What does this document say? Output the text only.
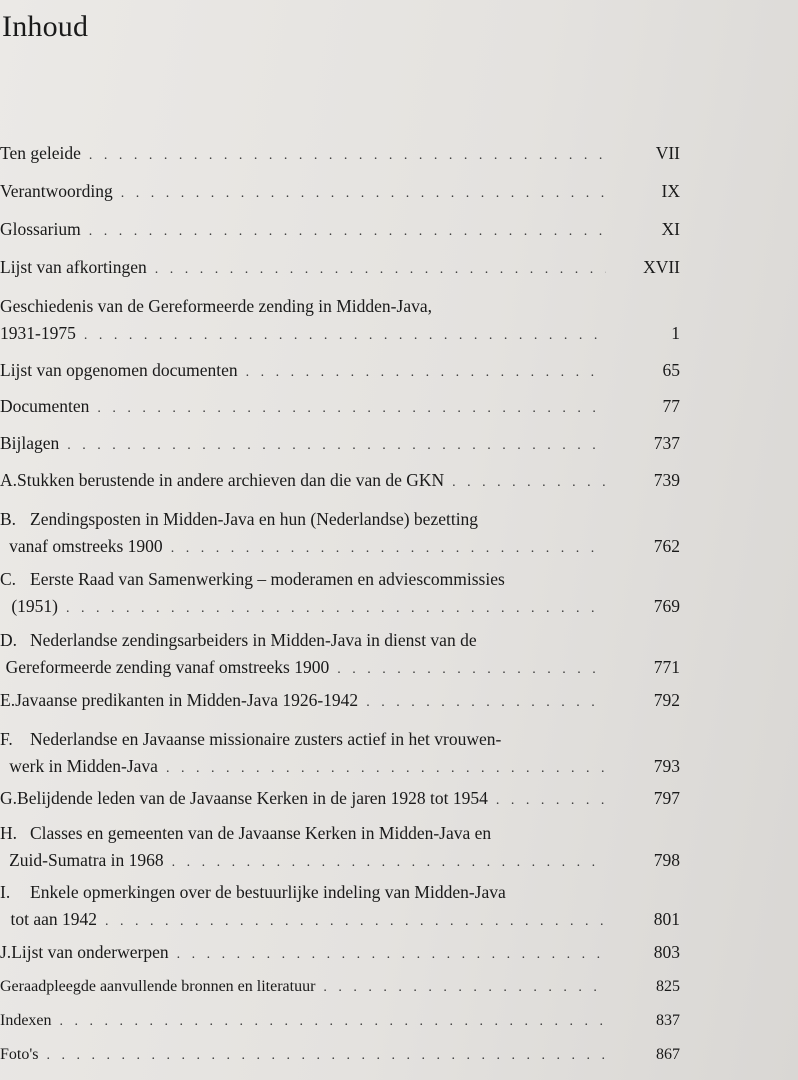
Inhoud
Ten geleide . . .	VII
Verantwoording . . .	IX
Glossarium . . .	XI
Lijst van afkortingen . . .	XVII
Geschiedenis van de Gereformeerde zending in Midden-Java,
1931-1975 . . .	1
Lijst van opgenomen documenten . . .	65
Documenten . . .	77
Bijlagen . . .	737
A. Stukken berustende in andere archieven dan die van de GKN . . .	739
B. Zendingsposten in Midden-Java en hun (Nederlandse) bezetting
vanaf omstreeks 1900 . . .	762
C. Eerste Raad van Samenwerking – moderamen en adviescommissies
(1951) . . .	769
D. Nederlandse zendingsarbeiders in Midden-Java in dienst van de
Gereformeerde zending vanaf omstreeks 1900 . . .	771
E. Javaanse predikanten in Midden-Java 1926-1942 . . .	792
F. Nederlandse en Javaanse missionaire zusters actief in het vrouwen-
werk in Midden-Java . . .	793
G. Belijdende leden van de Javaanse Kerken in de jaren 1928 tot 1954 . . .	797
H. Classes en gemeenten van de Javaanse Kerken in Midden-Java en
Zuid-Sumatra in 1968 . . .	798
I.	Enkele opmerkingen over de bestuurlijke indeling van Midden-Java
tot aan 1942 . . .	801
J. Lijst van onderwerpen . . .	803
Geraadpleegde aanvullende bronnen en literatuur . . .	825
Indexen . . .	837
Foto's . . .	867
